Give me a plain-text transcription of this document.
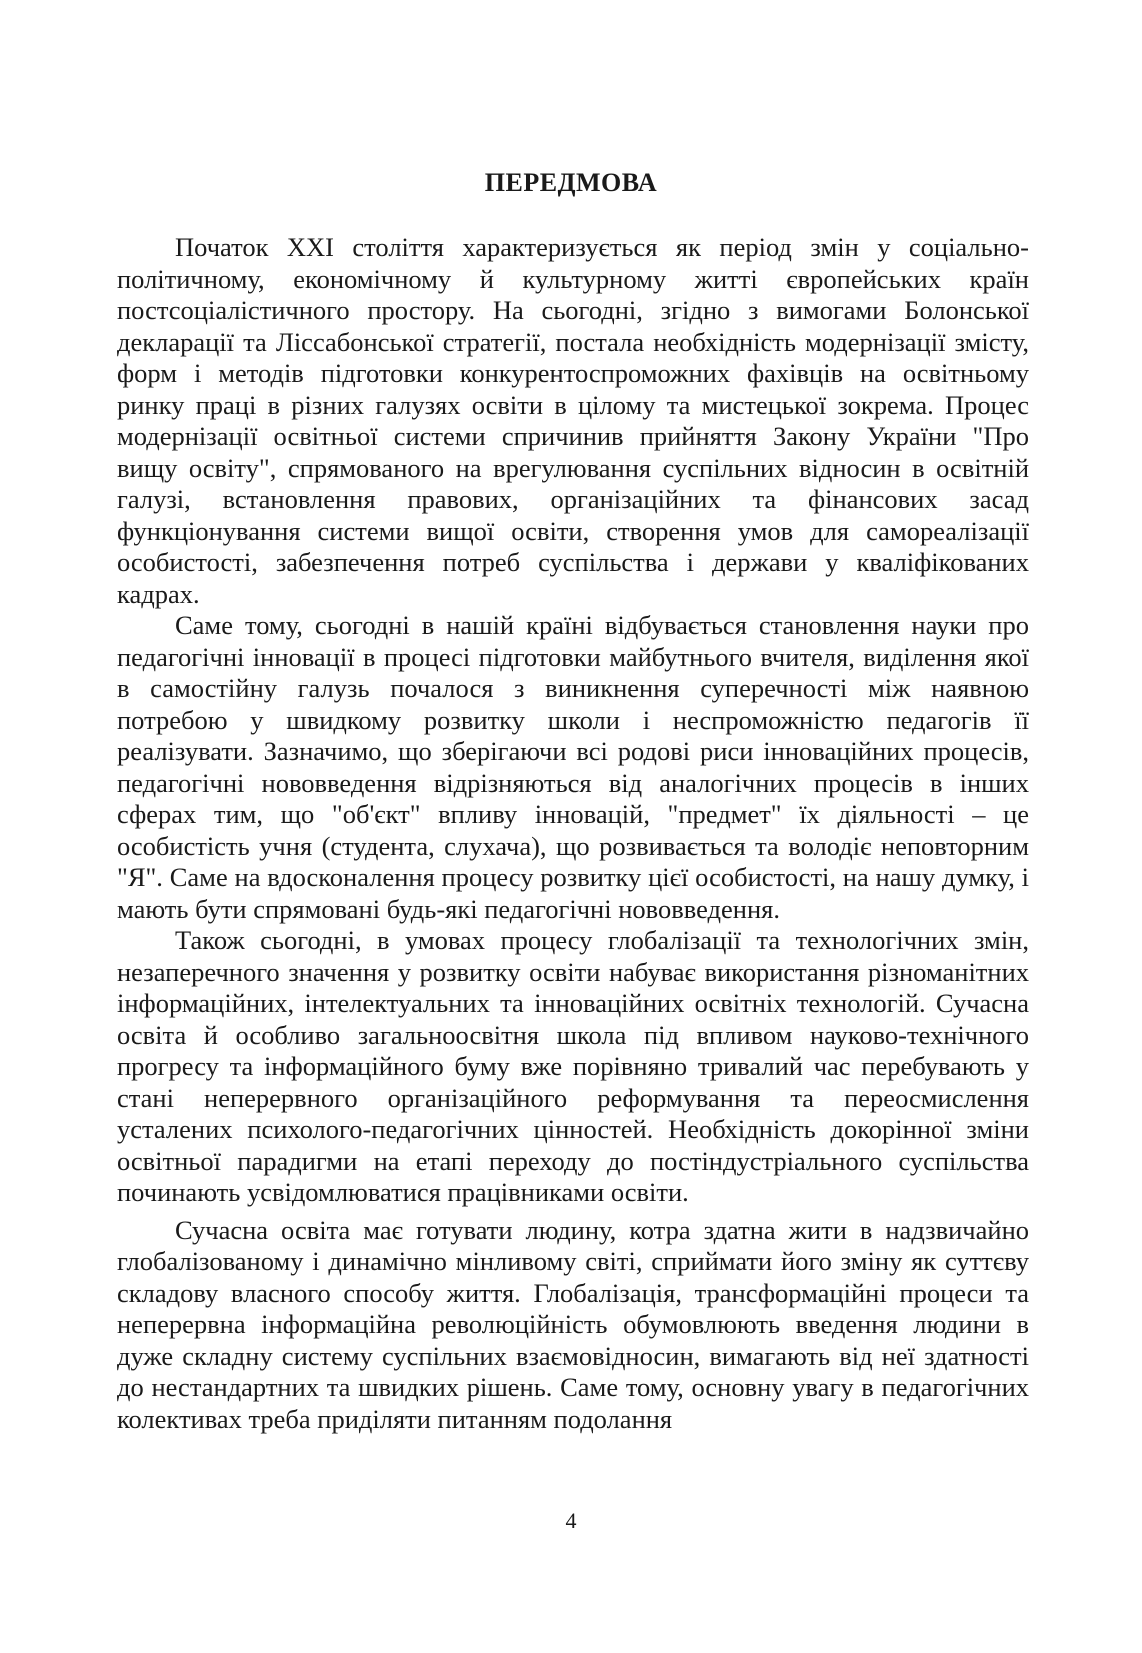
ПЕРЕДМОВА

Початок XXI століття характеризується як період змін у соціально-політичному, економічному й культурному житті європейських країн постсоціалістичного простору. На сьогодні, згідно з вимогами Болонської декларації та Ліссабонської стратегії, постала необхідність модернізації змісту, форм і методів підготовки конкурентоспроможних фахівців на освітньому ринку праці в різних галузях освіти в цілому та мистецької зокрема. Процес модернізації освітньої системи спричинив прийняття Закону України "Про вищу освіту", спрямованого на врегулювання суспільних відносин в освітній галузі, встановлення правових, організаційних та фінансових засад функціонування системи вищої освіти, створення умов для самореалізації особистості, забезпечення потреб суспільства і держави у кваліфікованих кадрах.

Саме тому, сьогодні в нашій країні відбувається становлення науки про педагогічні інновації в процесі підготовки майбутнього вчителя, виділення якої в самостійну галузь почалося з виникнення суперечності між наявною потребою у швидкому розвитку школи і неспроможністю педагогів її реалізувати. Зазначимо, що зберігаючи всі родові риси інноваційних процесів, педагогічні нововведення відрізняються від аналогічних процесів в інших сферах тим, що "об'єкт" впливу інновацій, "предмет" їх діяльності – це особистість учня (студента, слухача), що розвивається та володіє неповторним "Я". Саме на вдосконалення процесу розвитку цієї особистості, на нашу думку, і мають бути спрямовані будь-які педагогічні нововведення.

Також сьогодні, в умовах процесу глобалізації та технологічних змін, незаперечного значення у розвитку освіти набуває використання різноманітних інформаційних, інтелектуальних та інноваційних освітніх технологій. Сучасна освіта й особливо загальноосвітня школа під впливом науково-технічного прогресу та інформаційного буму вже порівняно тривалий час перебувають у стані неперервного організаційного реформування та переосмислення усталених психолого-педагогічних цінностей. Необхідність докорінної зміни освітньої парадигми на етапі переходу до постіндустріального суспільства починають усвідомлюватися працівниками освіти.

Сучасна освіта має готувати людину, котра здатна жити в надзвичайно глобалізованому і динамічно мінливому світі, сприймати його зміну як суттєву складову власного способу життя. Глобалізація, трансформаційні процеси та неперервна інформаційна революційність обумовлюють введення людини в дуже складну систему суспільних взаємовідносин, вимагають від неї здатності до нестандартних та швидких рішень. Саме тому, основну увагу в педагогічних колективах треба приділяти питанням подолання

4
